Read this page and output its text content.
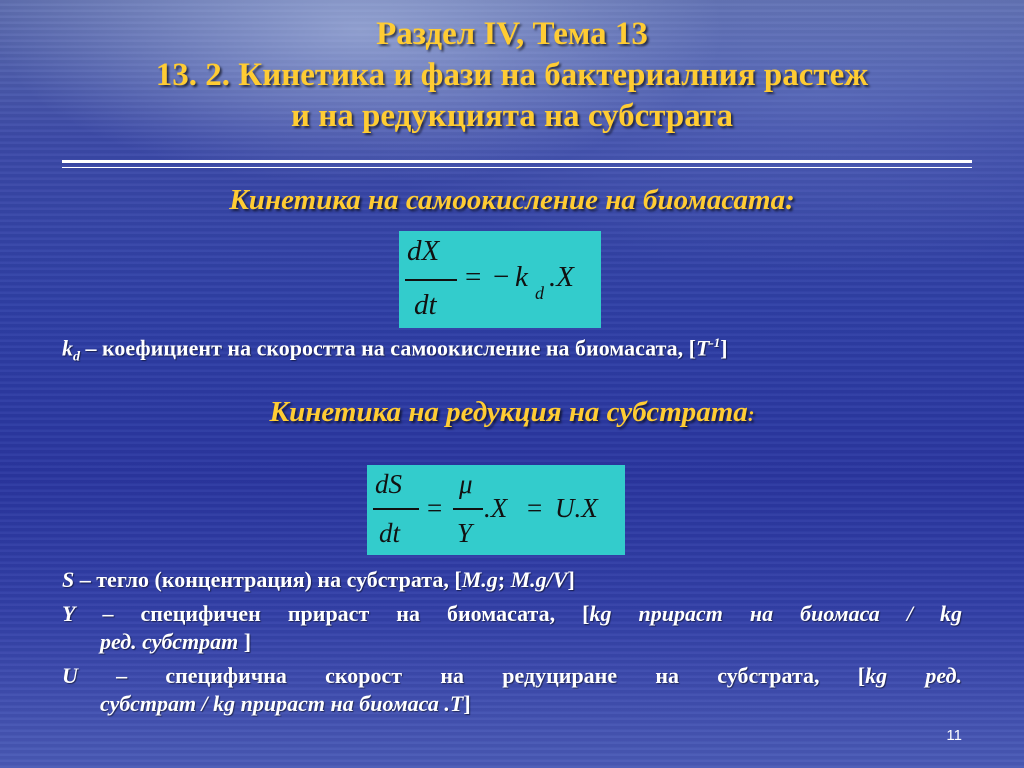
Раздел IV, Тема 13
13. 2. Кинетика и фази на бактериалния растеж
и на редукцията на субстрата
Кинетика на самоокисление на биомасата:
dX
dt
= − k d .X
$k_d$ – коефициент на скоростта на самоокисление на биомасата, $[T^{-1}]$
Кинетика на редукция на субстрата:
dS
dt
=
μ
Y
.X = U.X
S – тегло (концентрация) на субстрата, [M.g; M.g/V]
Y – специфичен прираст на биомасата, [kg прираст на биомаса / kg
ред. субстрат ]
U – специфична скорост на редуциране на субстрата, [kg ред.
субстрат / kg прираст на биомаса .T]
11
